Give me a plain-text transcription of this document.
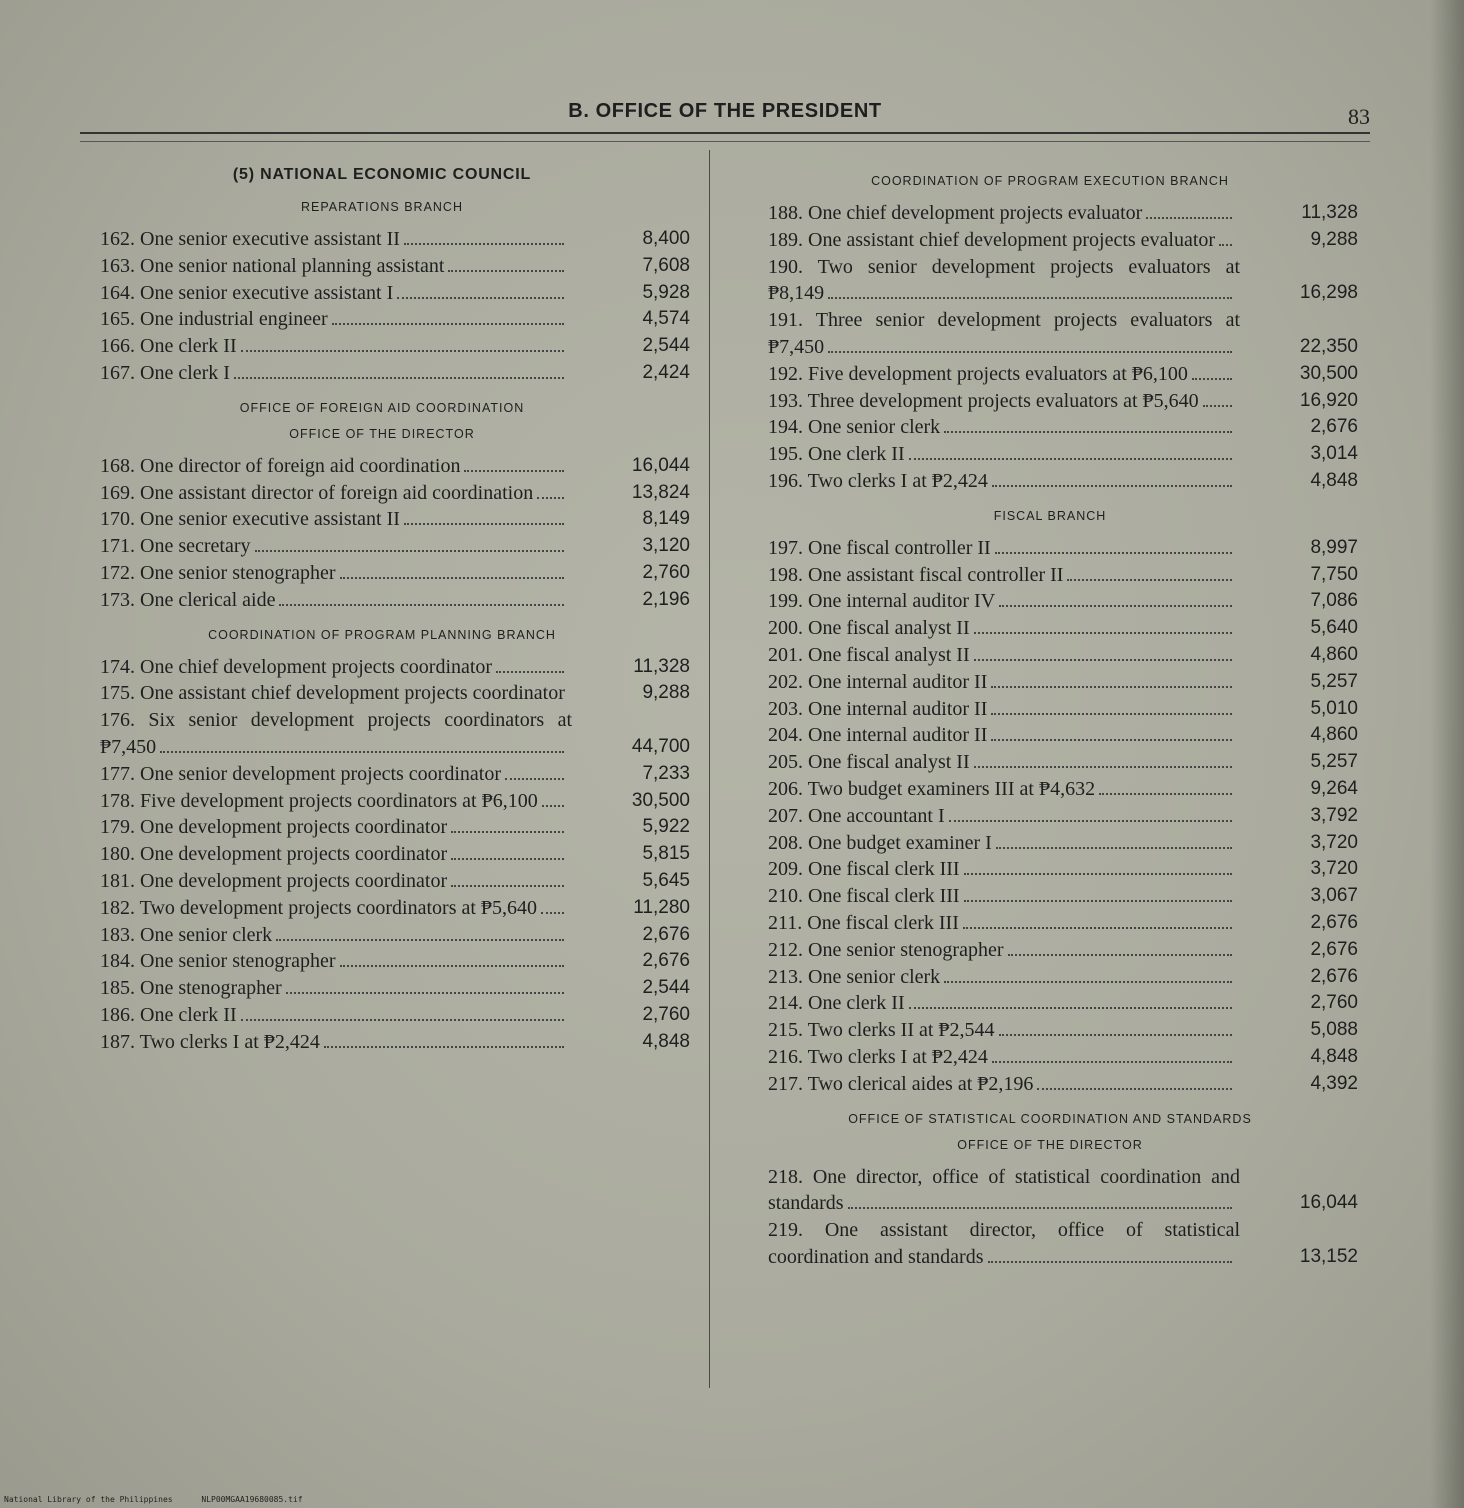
B. OFFICE OF THE PRESIDENT	83
(5) NATIONAL ECONOMIC COUNCIL
REPARATIONS BRANCH
162. One senior executive assistant II	8,400
163. One senior national planning assistant	7,608
164. One senior executive assistant I	5,928
165. One industrial engineer	4,574
166. One clerk II	2,544
167. One clerk I	2,424
OFFICE OF FOREIGN AID COORDINATION
OFFICE OF THE DIRECTOR
168. One director of foreign aid coordination	16,044
169. One assistant director of foreign aid coordination	13,824
170. One senior executive assistant II	8,149
171. One secretary	3,120
172. One senior stenographer	2,760
173. One clerical aide	2,196
COORDINATION OF PROGRAM PLANNING BRANCH
174. One chief development projects coordinator	11,328
175. One assistant chief development projects coordinator	9,288
176. Six senior development projects coordinators at ₱7,450	44,700
177. One senior development projects coordinator	7,233
178. Five development projects coordinators at ₱6,100	30,500
179. One development projects coordinator	5,922
180. One development projects coordinator	5,815
181. One development projects coordinator	5,645
182. Two development projects coordinators at ₱5,640	11,280
183. One senior clerk	2,676
184. One senior stenographer	2,676
185. One stenographer	2,544
186. One clerk II	2,760
187. Two clerks I at ₱2,424	4,848
COORDINATION OF PROGRAM EXECUTION BRANCH
188. One chief development projects evaluator	11,328
189. One assistant chief development projects evaluator	9,288
190. Two senior development projects evaluators at ₱8,149	16,298
191. Three senior development projects evaluators at ₱7,450	22,350
192. Five development projects evaluators at ₱6,100	30,500
193. Three development projects evaluators at ₱5,640	16,920
194. One senior clerk	2,676
195. One clerk II	3,014
196. Two clerks I at ₱2,424	4,848
FISCAL BRANCH
197. One fiscal controller II	8,997
198. One assistant fiscal controller II	7,750
199. One internal auditor IV	7,086
200. One fiscal analyst II	5,640
201. One fiscal analyst II	4,860
202. One internal auditor II	5,257
203. One internal auditor II	5,010
204. One internal auditor II	4,860
205. One fiscal analyst II	5,257
206. Two budget examiners III at ₱4,632	9,264
207. One accountant I	3,792
208. One budget examiner I	3,720
209. One fiscal clerk III	3,720
210. One fiscal clerk III	3,067
211. One fiscal clerk III	2,676
212. One senior stenographer	2,676
213. One senior clerk	2,676
214. One clerk II	2,760
215. Two clerks II at ₱2,544	5,088
216. Two clerks I at ₱2,424	4,848
217. Two clerical aides at ₱2,196	4,392
OFFICE OF STATISTICAL COORDINATION AND STANDARDS
OFFICE OF THE DIRECTOR
218. One director, office of statistical coordination and standards	16,044
219. One assistant director, office of statistical coordination and standards	13,152
National Library of the Philippines	NLP00MGAA19680085.tif
